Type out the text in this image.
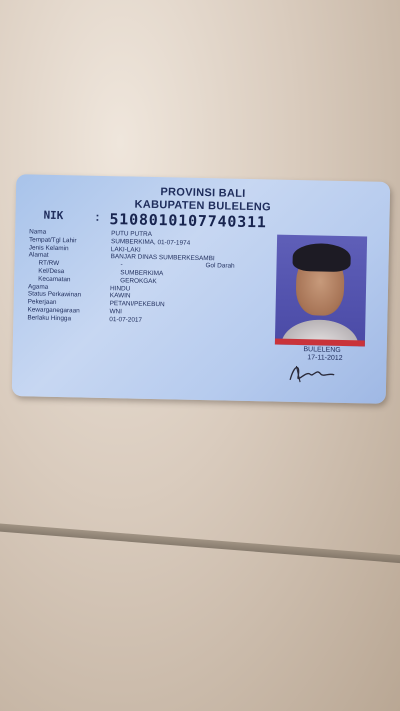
PROVINSI BALI
KABUPATEN BULELENG
NIK	: 5108010107740311
Nama	PUTU PUTRA
Tempat/Tgl Lahir	SUMBERKIMA, 01-07-1974
Jenis Kelamin	LAKI-LAKI
Alamat	BANJAR DINAS SUMBERKESAMBI
RT/RW	-
Kel/Desa	SUMBERKIMA
Kecamatan	GEROKGAK
Agama	HINDU
Status Perkawinan	KAWIN
Pekerjaan	PETANI/PEKEBUN
Kewarganegaraan	WNI
Berlaku Hingga	01-07-2017
Gol Darah
BULELENG
17-11-2012
